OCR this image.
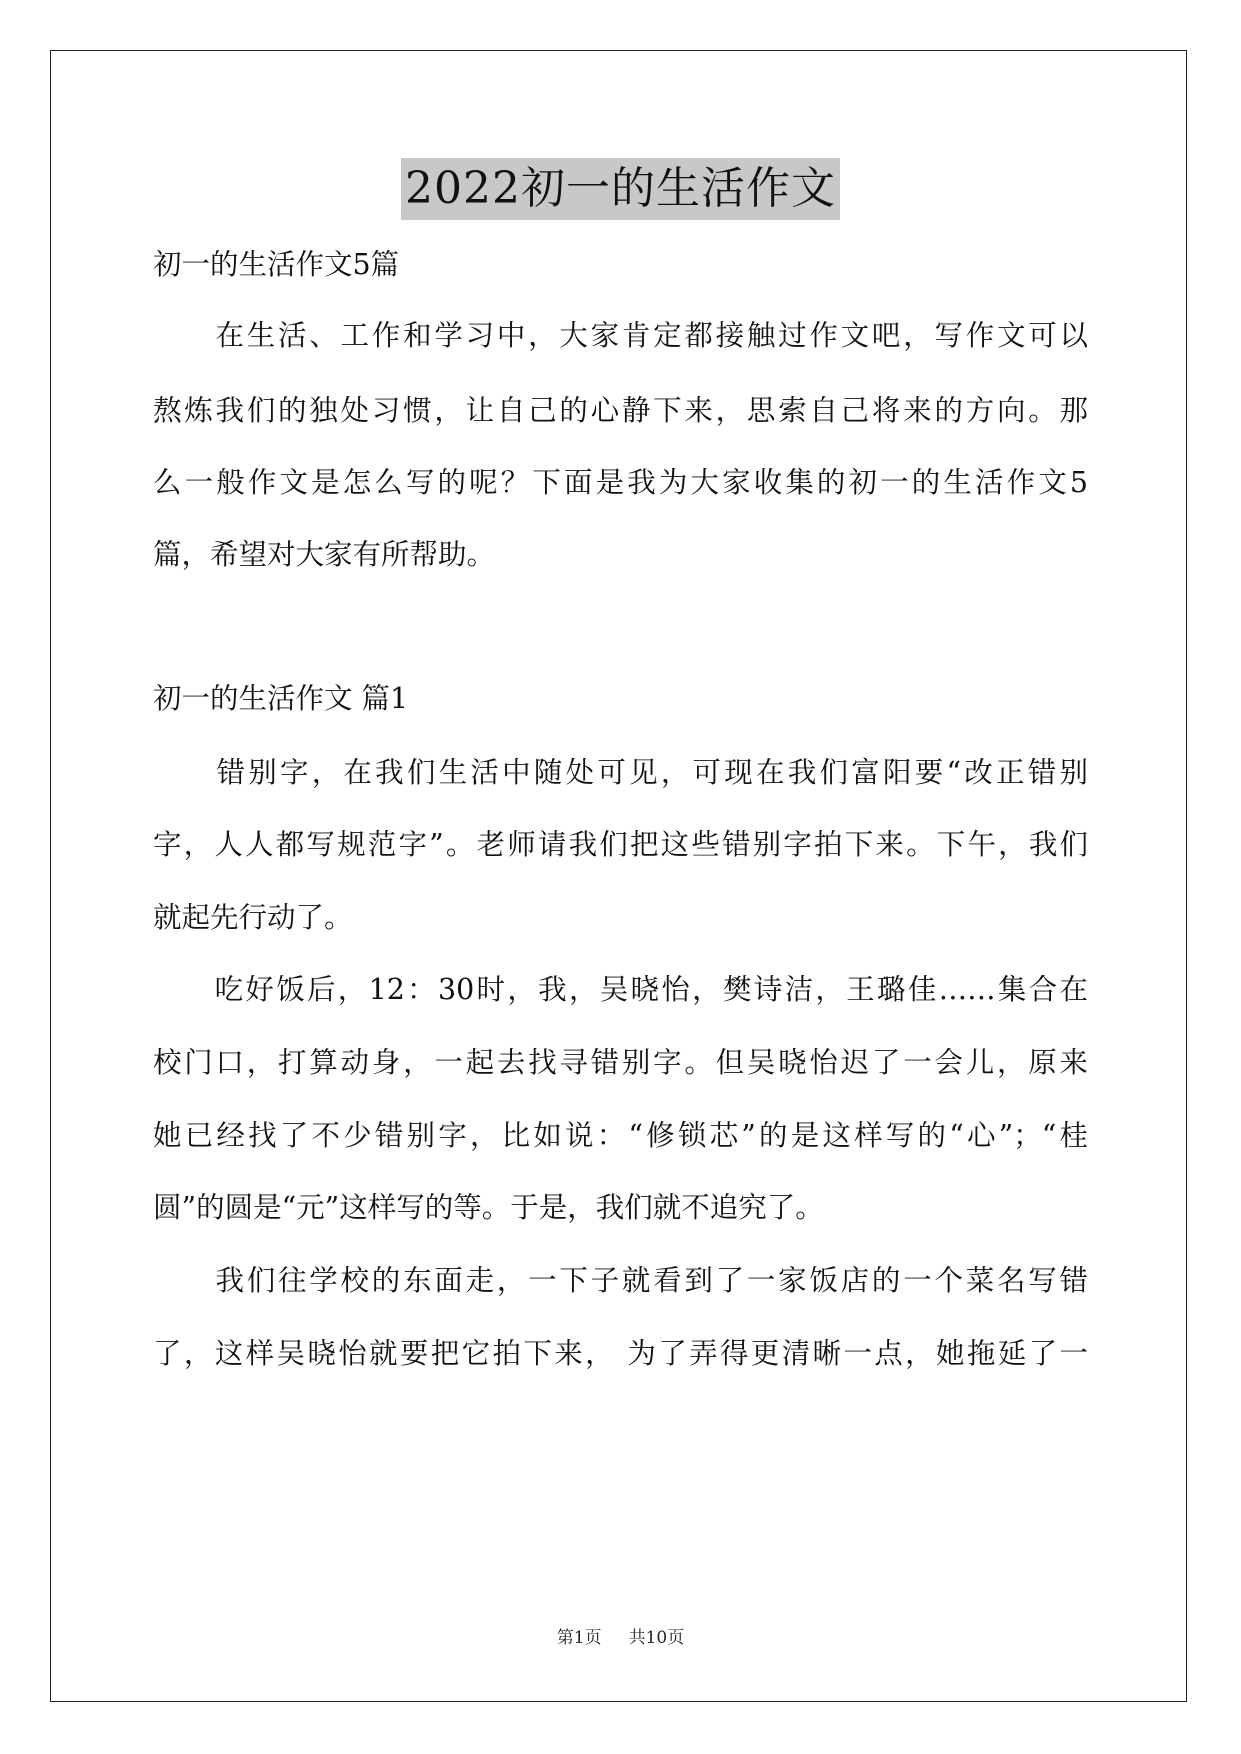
2022初一的生活作文
初一的生活作文5篇
　　在生活、工作和学习中，大家肯定都接触过作文吧，写作文可以
熬炼我们的独处习惯，让自己的心静下来，思索自己将来的方向。那
么一般作文是怎么写的呢？下面是我为大家收集的初一的生活作文5
篇，希望对大家有所帮助。
初一的生活作文 篇1
　　错别字，在我们生活中随处可见，可现在我们富阳要“改正错别
字，人人都写规范字”。老师请我们把这些错别字拍下来。下午，我们
就起先行动了。
　　吃好饭后，12：30时，我，吴晓怡，樊诗洁，王璐佳……集合在
校门口，打算动身，一起去找寻错别字。但吴晓怡迟了一会儿，原来
她已经找了不少错别字，比如说：“修锁芯”的是这样写的“心”；“桂
圆”的圆是“元”这样写的等。于是，我们就不追究了。
　　我们往学校的东面走，一下子就看到了一家饭店的一个菜名写错
了，这样吴晓怡就要把它拍下来， 为了弄得更清晰一点，她拖延了一
第1页 共10页
